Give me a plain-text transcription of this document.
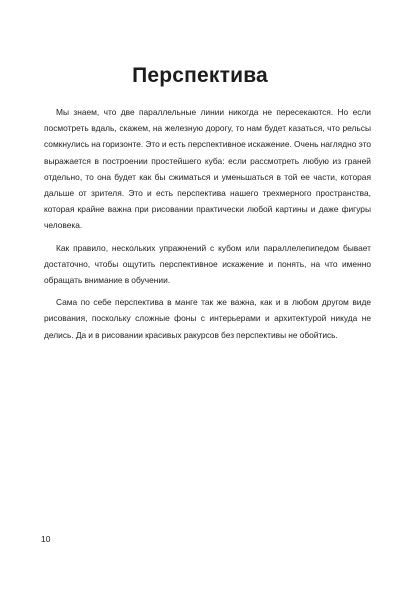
Перспектива

Мы знаем, что две параллельные линии никогда не пересекаются. Но если посмотреть вдаль, скажем, на железную дорогу, то нам будет казаться, что рельсы сомкнулись на горизонте. Это и есть перспективное искажение. Очень наглядно это выражается в построении простейшего куба: если рассмотреть любую из граней отдельно, то она будет как бы сжиматься и уменьшаться в той ее части, которая дальше от зрителя. Это и есть перспектива нашего трехмерного пространства, которая крайне важна при рисовании практически любой картины и даже фигуры человека.

Как правило, нескольких упражнений с кубом или параллелепипедом бывает достаточно, чтобы ощутить перспективное искажение и понять, на что именно обращать внимание в обучении.

Сама по себе перспектива в манге так же важна, как и в любом другом виде рисования, поскольку сложные фоны с интерьерами и архитектурой никуда не делись. Да и в рисовании красивых ракурсов без перспективы не обойтись.

10
